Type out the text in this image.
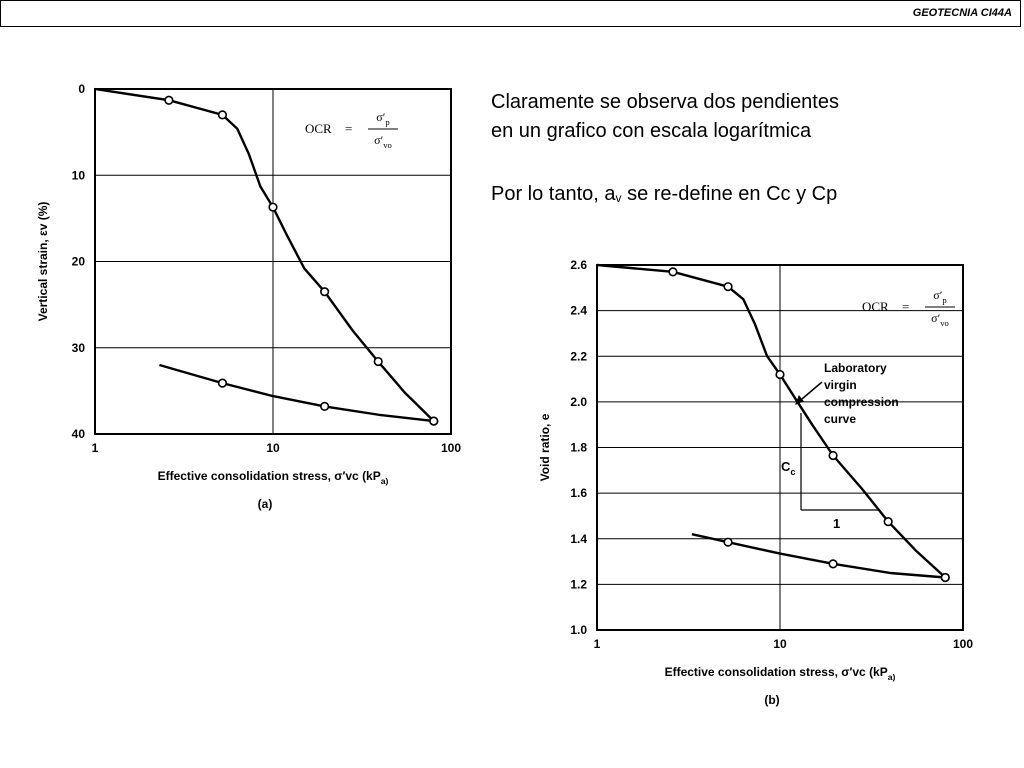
GEOTECNIA CI44A
Claramente se observa dos pendientes
en un grafico con escala logarítmica
Por lo tanto, av se re-define en Cc y Cp
0
10
20
30
40
1	10	100
Effective consolidation stress, σ′vc ($kP_{a)}$
Vertical strain, εv (%)
(a)
OCR =
$\sigma'_p$
$\sigma'_{vo}$
1.0
1.2
1.4
1.6
1.8
2.0
2.2
2.4
2.6
1	10	100
Effective consolidation stress, σ′vc ($kP_{a)}$
Void ratio, e
(b)
OCR =
$\sigma'_p$
$\sigma'_{vo}$
Laboratory
virgin
compression
curve
$C_c$
1
